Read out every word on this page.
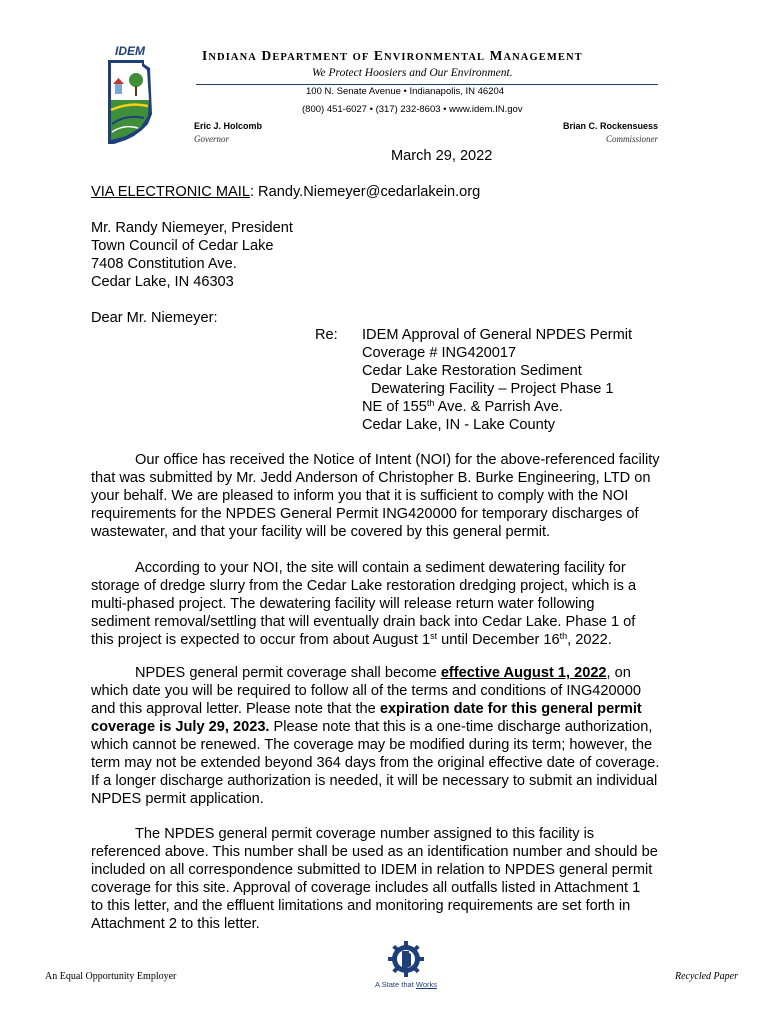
IDEM	INDIANA DEPARTMENT OF ENVIRONMENTAL MANAGEMENT
We Protect Hoosiers and Our Environment.
100 N. Senate Avenue • Indianapolis, IN 46204
(800) 451-6027 • (317) 232-8603 • www.idem.IN.gov
Eric J. Holcomb
Governor
Brian C. Rockensuess
Commissioner
March 29, 2022
VIA ELECTRONIC MAIL: Randy.Niemeyer@cedarlakein.org
Mr. Randy Niemeyer, President
Town Council of Cedar Lake
7408 Constitution Ave.
Cedar Lake, IN 46303
Dear Mr. Niemeyer:
Re: IDEM Approval of General NPDES Permit
Coverage # ING420017
Cedar Lake Restoration Sediment
Dewatering Facility – Project Phase 1
NE of 155th Ave. & Parrish Ave.
Cedar Lake, IN - Lake County
Our office has received the Notice of Intent (NOI) for the above-referenced facility
that was submitted by Mr. Jedd Anderson of Christopher B. Burke Engineering, LTD on
your behalf. We are pleased to inform you that it is sufficient to comply with the NOI
requirements for the NPDES General Permit ING420000 for temporary discharges of
wastewater, and that your facility will be covered by this general permit.
According to your NOI, the site will contain a sediment dewatering facility for
storage of dredge slurry from the Cedar Lake restoration dredging project, which is a
multi-phased project. The dewatering facility will release return water following
sediment removal/settling that will eventually drain back into Cedar Lake. Phase 1 of
this project is expected to occur from about August 1st until December 16th, 2022.
NPDES general permit coverage shall become effective August 1, 2022, on
which date you will be required to follow all of the terms and conditions of ING420000
and this approval letter. Please note that the expiration date for this general permit
coverage is July 29, 2023. Please note that this is a one-time discharge authorization,
which cannot be renewed. The coverage may be modified during its term; however, the
term may not be extended beyond 364 days from the original effective date of coverage.
If a longer discharge authorization is needed, it will be necessary to submit an individual
NPDES permit application.
The NPDES general permit coverage number assigned to this facility is
referenced above. This number shall be used as an identification number and should be
included on all correspondence submitted to IDEM in relation to NPDES general permit
coverage for this site. Approval of coverage includes all outfalls listed in Attachment 1
to this letter, and the effluent limitations and monitoring requirements are set forth in
Attachment 2 to this letter.
An Equal Opportunity Employer
A State that Works
Recycled Paper
